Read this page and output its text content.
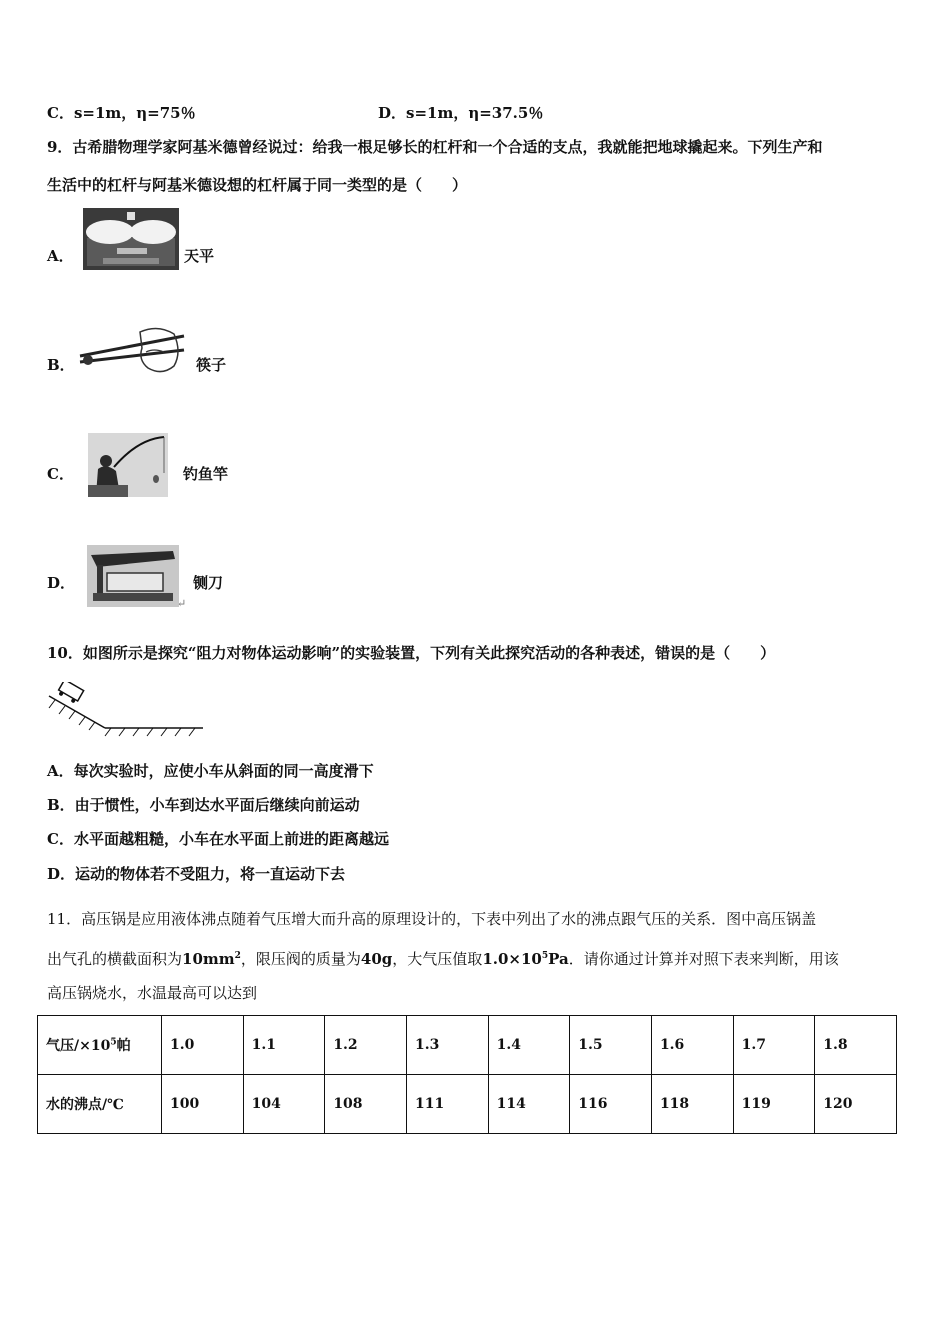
C．s=1m，η=75％	D．s=1m，η=37.5％
9．古希腊物理学家阿基米德曾经说过：给我一根足够长的杠杆和一个合适的支点，我就能把地球撬起来。下列生产和
生活中的杠杆与阿基米德设想的杠杆属于同一类型的是（　　）
A．	天平
B．	筷子
C．	钓鱼竿
D．
↵
铡刀
10．如图所示是探究“阻力对物体运动影响”的实验装置，下列有关此探究活动的各种表述，错误的是（　　）
A．每次实验时，应使小车从斜面的同一高度滑下
B．由于惯性，小车到达水平面后继续向前运动
C．水平面越粗糙，小车在水平面上前进的距离越远
D．运动的物体若不受阻力，将一直运动下去
11．高压锅是应用液体沸点随着气压增大而升高的原理设计的，下表中列出了水的沸点跟气压的关系．图中高压锅盖
出气孔的横截面积为$10mm^2$，限压阀的质量为40g，大气压值取$1.0\times 10^5Pa$．请你通过计算并对照下表来判断，用该
高压锅烧水，水温最高可以达到
气压$/\times 10^5$帕	1.0	1.1	1.2	1.3	1.4	1.5	1.6	1.7	1.8
水的沸点/℃	100	104	108	111	114	116	118	119	120
